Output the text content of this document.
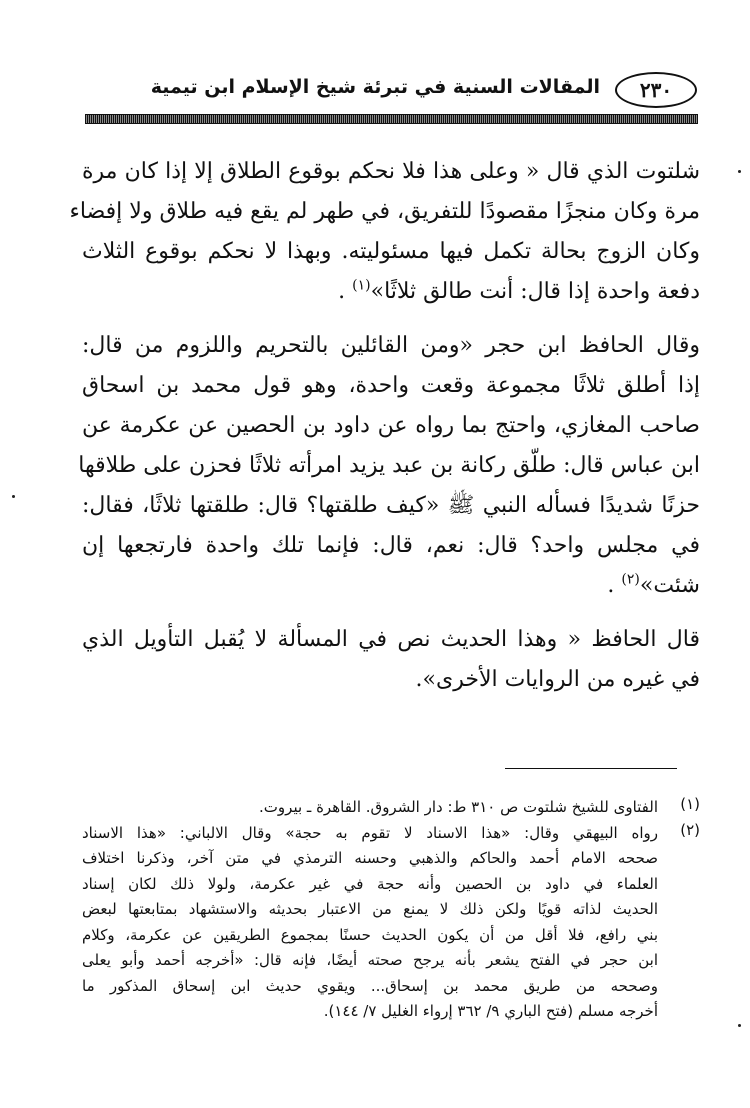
٢٣٠
المقالات السنية في تبرئة شيخ الإسلام ابن تيمية

شلتوت الذي قال « وعلى هذا فلا نحكم بوقوع الطلاق إلا إذا كان مرة
مرة وكان منجزًا مقصودًا للتفريق، في طهر لم يقع فيه طلاق ولا إفضاء
وكان الزوج بحالة تكمل فيها مسئوليته. وبهذا لا نحكم بوقوع الثلاث
دفعة واحدة إذا قال: أنت طالق ثلاثًا»$^{(١)}$ .

وقال الحافظ ابن حجر «ومن القائلين بالتحريم واللزوم من قال:
إذا أطلق ثلاثًا مجموعة وقعت واحدة، وهو قول محمد بن اسحاق
صاحب المغازي، واحتج بما رواه عن داود بن الحصين عن عكرمة عن
ابن عباس قال: طلّق ركانة بن عبد يزيد امرأته ثلاثًا فحزن على طلاقها
حزنًا شديدًا فسأله النبي ﷺ «كيف طلقتها؟ قال: طلقتها ثلاثًا، فقال:
في مجلس واحد؟ قال: نعم، قال: فإنما تلك واحدة فارتجعها إن
شئت»$^{(٢)}$ .

قال الحافظ « وهذا الحديث نص في المسألة لا يُقبل التأويل الذي
في غيره من الروايات الأخرى».

(١)
الفتاوى للشيخ شلتوت ص ٣١٠ ط: دار الشروق. القاهرة ـ بيروت.
(٢)
رواه البيهقي وقال: «هذا الاسناد لا تقوم به حجة» وقال الالباني: «هذا الاسناد
صححه الامام أحمد والحاكم والذهبي وحسنه الترمذي في متن آخر، وذكرنا اختلاف
العلماء في داود بن الحصين وأنه حجة في غير عكرمة، ولولا ذلك لكان إسناد
الحديث لذاته قويًا ولكن ذلك لا يمنع من الاعتبار بحديثه والاستشهاد بمتابعتها لبعض
بني رافع، فلا أقل من أن يكون الحديث حسنًا بمجموع الطريقين عن عكرمة، وكلام
ابن حجر في الفتح يشعر بأنه يرجح صحته أيضًا، فإنه قال: «أخرجه أحمد وأبو يعلى
وصححه من طريق محمد بن إسحاق... ويقوي حديث ابن إسحاق المذكور ما
أخرجه مسلم (فتح الباري ٩/ ٣٦٢ إرواء الغليل ٧/ ١٤٤).
